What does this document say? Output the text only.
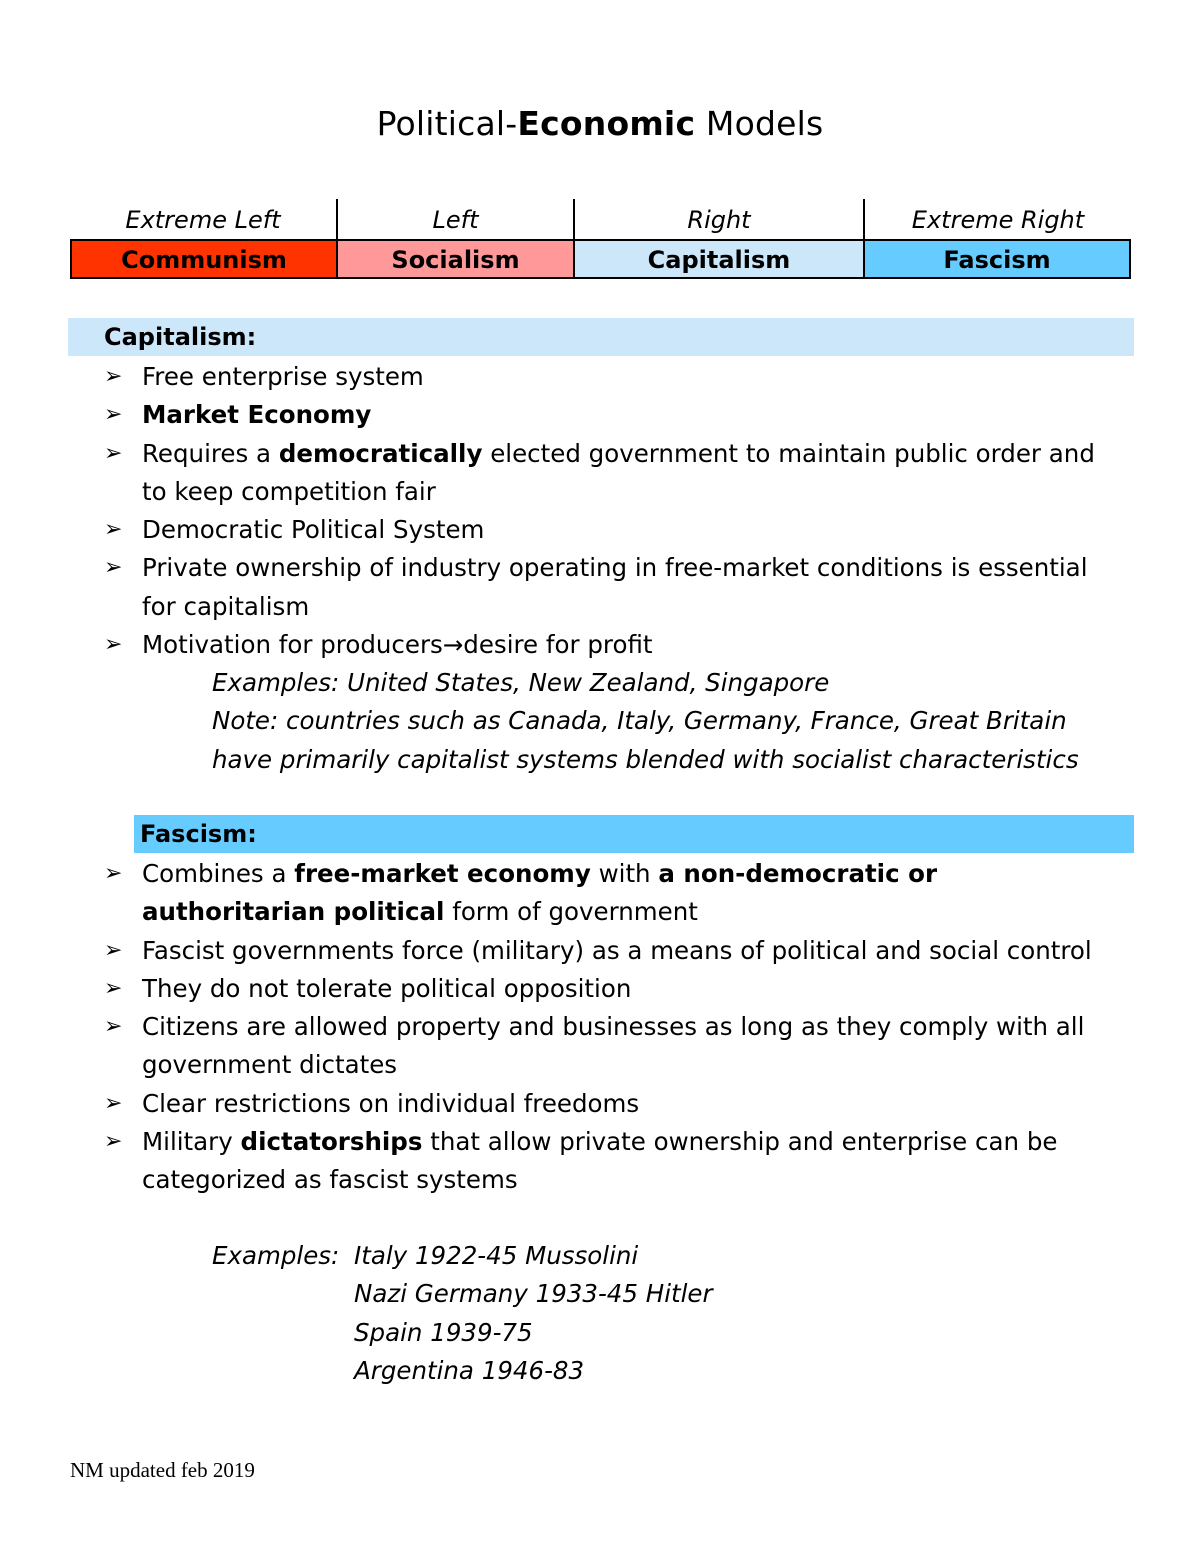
Political-Economic Models
Extreme Left	Left	Right	Extreme Right
Communism	Socialism	Capitalism	Fascism
Capitalism:
➢ Free enterprise system
➢ Market Economy
➢ Requires a democratically elected government to maintain public order and to keep competition fair
➢ Democratic Political System
➢ Private ownership of industry operating in free-market conditions is essential for capitalism
➢ Motivation for producers→desire for profit
Examples: United States, New Zealand, Singapore
Note: countries such as Canada, Italy, Germany, France, Great Britain
have primarily capitalist systems blended with socialist characteristics
Fascism:
➢ Combines a free-market economy with a non-democratic or authoritarian political form of government
➢ Fascist governments force (military) as a means of political and social control
➢ They do not tolerate political opposition
➢ Citizens are allowed property and businesses as long as they comply with all government dictates
➢ Clear restrictions on individual freedoms
➢ Military dictatorships that allow private ownership and enterprise can be categorized as fascist systems
Examples: Italy 1922-45 Mussolini
Nazi Germany 1933-45 Hitler
Spain 1939-75
Argentina 1946-83
NM updated feb 2019
